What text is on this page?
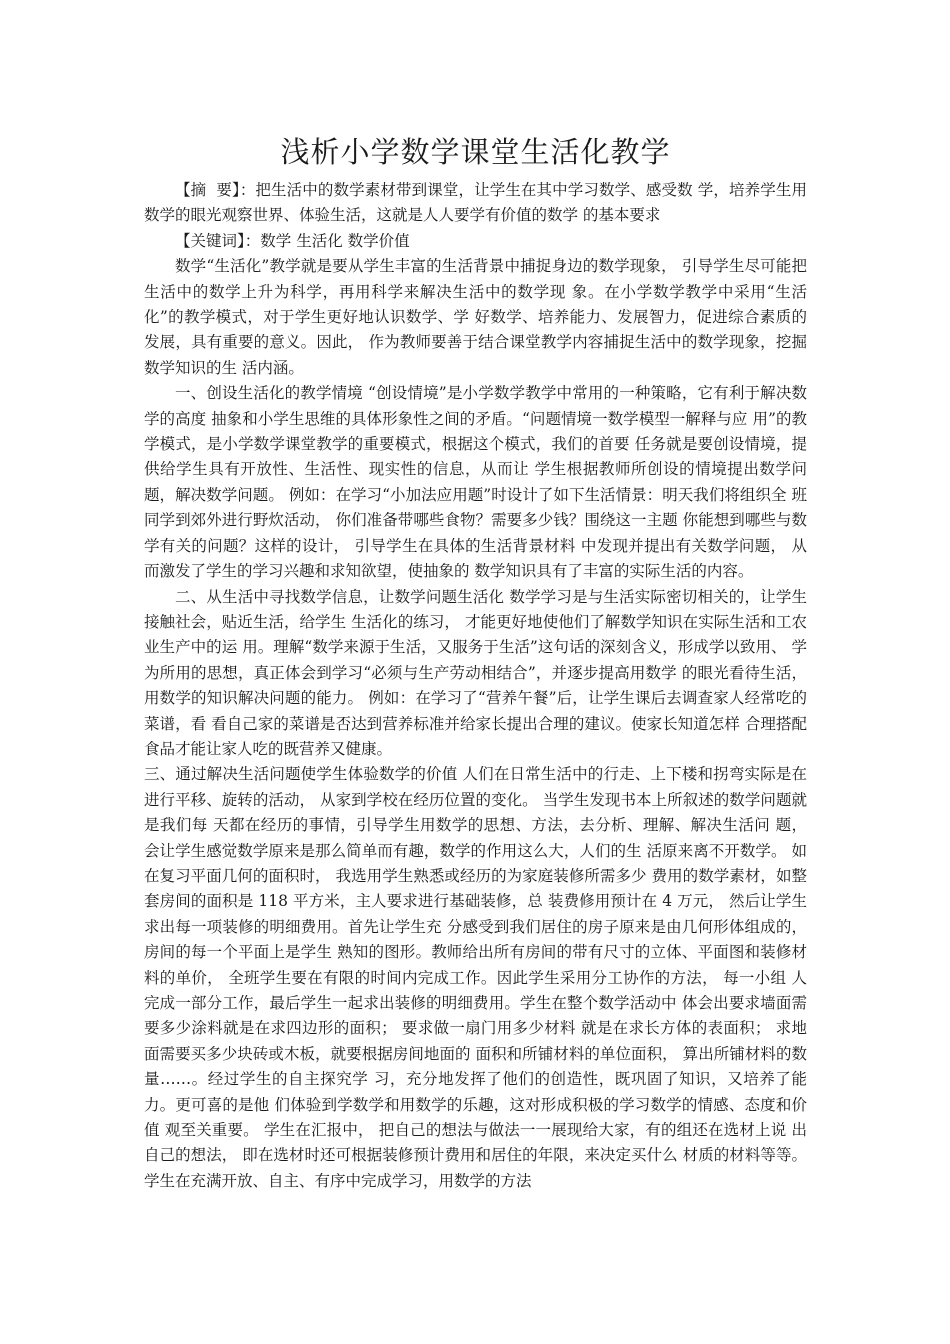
浅析小学数学课堂生活化教学

【摘  要】：把生活中的数学素材带到课堂，让学生在其中学习数学、感受数 学，培养学生用数学的眼光观察世界、体验生活，这就是人人要学有价值的数学 的基本要求

【关键词】：数学 生活化 数学价值

数学“生活化”教学就是要从学生丰富的生活背景中捕捉身边的数学现象， 引导学生尽可能把生活中的数学上升为科学，再用科学来解决生活中的数学现 象。在小学数学教学中采用“生活化”的教学模式，对于学生更好地认识数学、学 好数学、培养能力、发展智力，促进综合素质的发展，具有重要的意义。因此， 作为教师要善于结合课堂教学内容捕捉生活中的数学现象，挖掘数学知识的生 活内涵。

一、创设生活化的教学情境 “创设情境”是小学数学教学中常用的一种策略，它有利于解决数学的高度 抽象和小学生思维的具体形象性之间的矛盾。“问题情境一数学模型一解释与应 用”的教学模式，是小学数学课堂教学的重要模式，根据这个模式，我们的首要 任务就是要创设情境，提供给学生具有开放性、生活性、现实性的信息，从而让 学生根据教师所创设的情境提出数学问题，解决数学问题。 例如：在学习“小加法应用题”时设计了如下生活情景：明天我们将组织全 班同学到郊外进行野炊活动， 你们准备带哪些食物？需要多少钱？围绕这一主题 你能想到哪些与数学有关的问题？这样的设计， 引导学生在具体的生活背景材料 中发现并提出有关数学问题， 从而激发了学生的学习兴趣和求知欲望，使抽象的 数学知识具有了丰富的实际生活的内容。

二、从生活中寻找数学信息，让数学问题生活化 数学学习是与生活实际密切相关的，让学生接触社会，贴近生活，给学生 生活化的练习， 才能更好地使他们了解数学知识在实际生活和工农业生产中的运 用。理解“数学来源于生活，又服务于生活”这句话的深刻含义，形成学以致用、 学为所用的思想，真正体会到学习“必须与生产劳动相结合”，并逐步提高用数学 的眼光看待生活，用数学的知识解决问题的能力。 例如：在学习了“营养午餐”后，让学生课后去调查家人经常吃的菜谱，看 看自己家的菜谱是否达到营养标准并给家长提出合理的建议。使家长知道怎样 合理搭配食品才能让家人吃的既营养又健康。

三、通过解决生活问题使学生体验数学的价值 人们在日常生活中的行走、上下楼和拐弯实际是在进行平移、旋转的活动， 从家到学校在经历位置的变化。 当学生发现书本上所叙述的数学问题就是我们每 天都在经历的事情，引导学生用数学的思想、方法，去分析、理解、解决生活问 题， 会让学生感觉数学原来是那么简单而有趣，数学的作用这么大，人们的生 活原来离不开数学。 如在复习平面几何的面积时， 我选用学生熟悉或经历的为家庭装修所需多少 费用的数学素材，如整套房间的面积是 118 平方米，主人要求进行基础装修，总 装费修用预计在 4 万元， 然后让学生求出每一项装修的明细费用。首先让学生充 分感受到我们居住的房子原来是由几何形体组成的， 房间的每一个平面上是学生 熟知的图形。教师给出所有房间的带有尺寸的立体、平面图和装修材料的单价， 全班学生要在有限的时间内完成工作。因此学生采用分工协作的方法， 每一小组 人完成一部分工作，最后学生一起求出装修的明细费用。学生在整个数学活动中 体会出要求墙面需要多少涂料就是在求四边形的面积； 要求做一扇门用多少材料 就是在求长方体的表面积； 求地面需要买多少块砖或木板，就要根据房间地面的 面积和所铺材料的单位面积， 算出所铺材料的数量……。经过学生的自主探究学 习，充分地发挥了他们的创造性，既巩固了知识，又培养了能力。更可喜的是他 们体验到学数学和用数学的乐趣，这对形成积极的学习数学的情感、态度和价值 观至关重要。 学生在汇报中， 把自己的想法与做法一一展现给大家，有的组还在选材上说 出自己的想法， 即在选材时还可根据装修预计费用和居住的年限，来决定买什么 材质的材料等等。学生在充满开放、自主、有序中完成学习，用数学的方法
